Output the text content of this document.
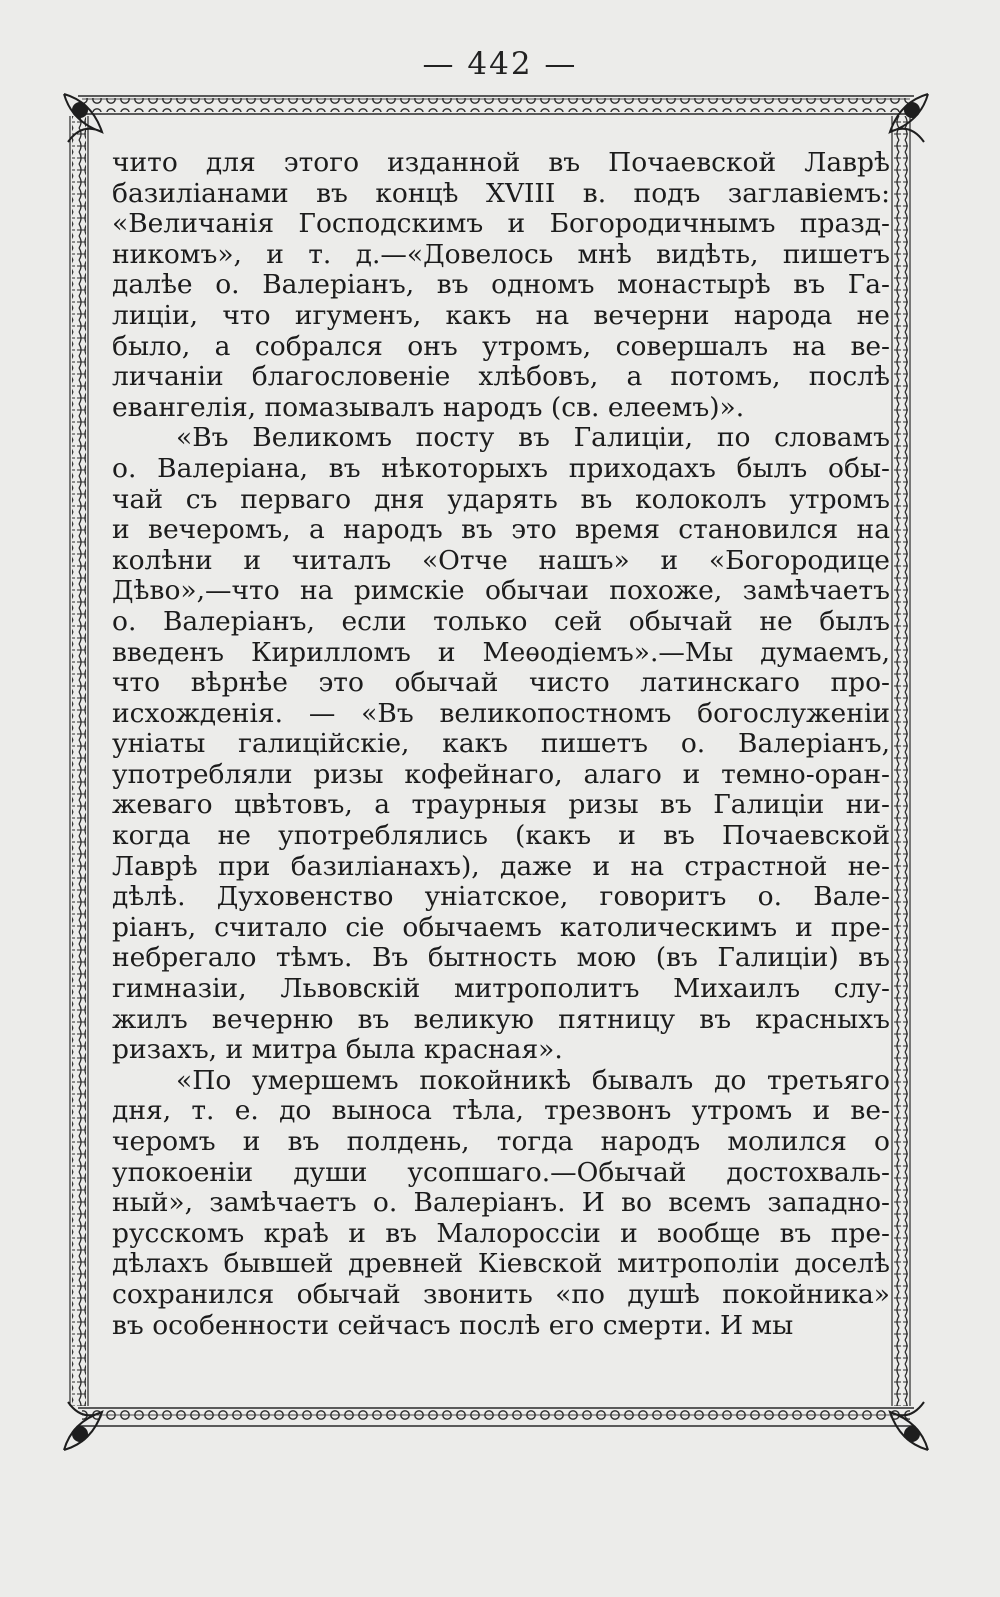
— 442 —

чито для этого изданной въ Почаевской Лаврѣ
базиліанами въ концѣ XVIII в. подъ заглавіемъ:
«Величанія Господскимъ и Богородичнымъ празд-
никомъ», и т. д.—«Довелось мнѣ видѣть, пишетъ
далѣе о. Валеріанъ, въ одномъ монастырѣ въ Га-
лиціи, что игуменъ, какъ на вечерни народа не
было, а собрался онъ утромъ, совершалъ на ве-
личаніи благословеніе хлѣбовъ, а потомъ, послѣ
евангелія, помазывалъ народъ (св. елеемъ)».

«Въ Великомъ посту въ Галиціи, по словамъ
о. Валеріана, въ нѣкоторыхъ приходахъ былъ обы-
чай съ перваго дня ударять въ колоколъ утромъ
и вечеромъ, а народъ въ это время становился на
колѣни и читалъ «Отче нашъ» и «Богородице
Дѣво»,—что на римскіе обычаи похоже, замѣчаетъ
о. Валеріанъ, если только сей обычай не былъ
введенъ Кирилломъ и Меѳодіемъ».—Мы думаемъ,
что вѣрнѣе это обычай чисто латинскаго про-
исхожденія. — «Въ великопостномъ богослуженіи
уніаты галиційскіе, какъ пишетъ о. Валеріанъ,
употребляли ризы кофейнаго, алаго и темно-оран-
жеваго цвѣтовъ, а траурныя ризы въ Галиціи ни-
когда не употреблялись (какъ и въ Почаевской
Лаврѣ при базиліанахъ), даже и на страстной не-
дѣлѣ. Духовенство уніатское, говоритъ о. Вале-
ріанъ, считало сіе обычаемъ католическимъ и пре-
небрегало тѣмъ. Въ бытность мою (въ Галиціи) въ
гимназіи, Львовскій митрополитъ Михаилъ слу-
жилъ вечерню въ великую пятницу въ красныхъ
ризахъ, и митра была красная».

«По умершемъ покойникѣ бывалъ до третьяго
дня, т. е. до выноса тѣла, трезвонъ утромъ и ве-
черомъ и въ полдень, тогда народъ молился о
упокоеніи души усопшаго.—Обычай достохваль-
ный», замѣчаетъ о. Валеріанъ. И во всемъ западно-
русскомъ краѣ и въ Малороссіи и вообще въ пре-
дѣлахъ бывшей древней Кіевской митрополіи доселѣ
сохранился обычай звонить «по душѣ покойника»
въ особенности сейчасъ послѣ его смерти. И мы
